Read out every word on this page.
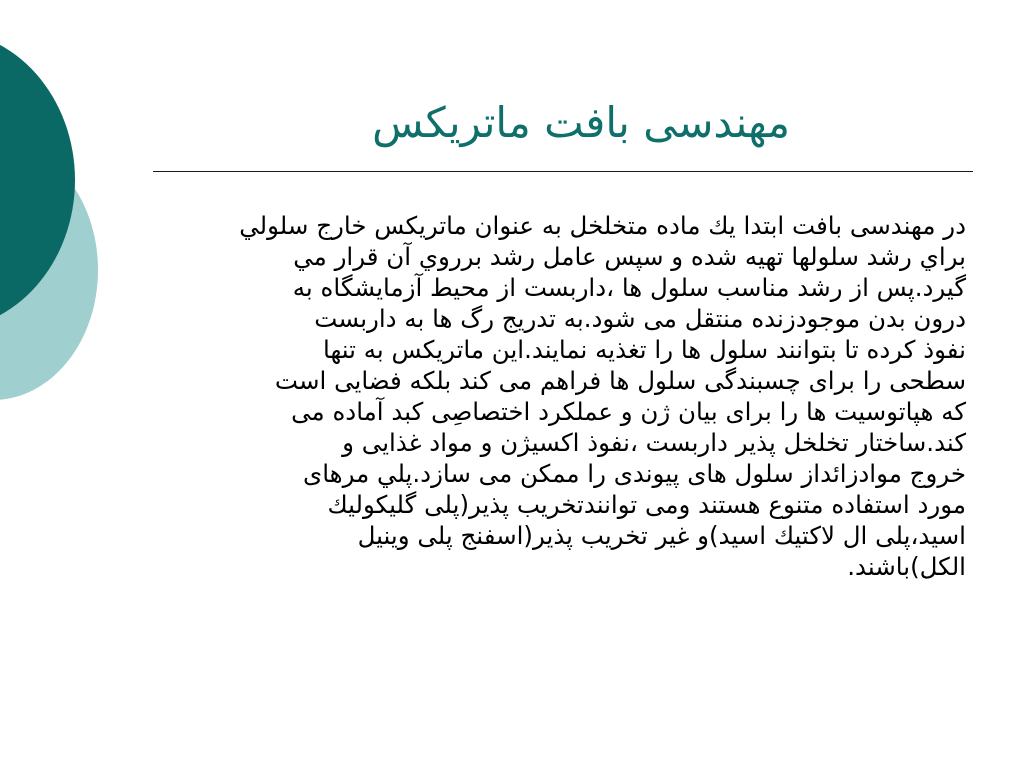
مهندسی بافت ماتریکس
در مهندسی بافت ابتدا يك ماده متخلخل به عنوان ماتریکس خارج سلولي
براي رشد سلولها تهيه شده و سپس عامل رشد برروي آن قرار مي
گيرد.پس از رشد مناسب سلول ها ،داربست از محیط آزمایشگاه به
درون بدن موجودزنده منتقل می شود.به تدریج رگ ها به داربست
نفوذ كرده تا بتوانند سلول ها را تغذیه نمایند.این ماتریکس به تنها
سطحی را برای چسبندگی سلول ها فراهم می کند بلکه فضایی است
که هپاتوسیت ها را برای بیان ژن و عملکرد اختصاصِی کبد آماده می
کند.ساختار تخلخل پذیر داربست ،نفوذ اکسیژن و مواد غذایی و
خروج موادزائداز سلول های پیوندی را ممکن می سازد.پلي مرهای
مورد استفاده متنوع هستند ومی توانندتخریب پذیر(پلی گلیکولیك
اسید،پلی ال لاكتيك اسيد)و غیر تخریب پذیر(اسفنج پلی وینیل
الکل)باشند.
